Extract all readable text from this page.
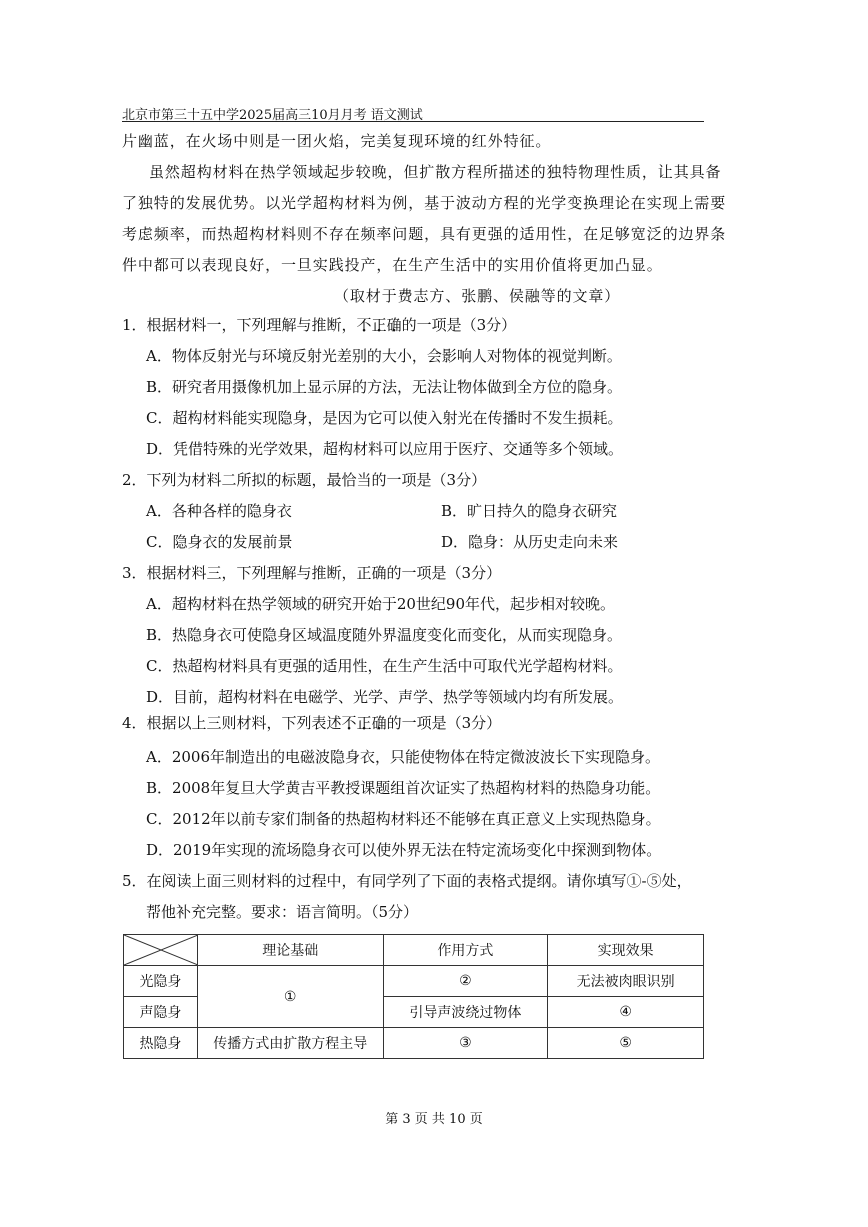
北京市第三十五中学2025届高三10月月考 语文测试
片幽蓝，在火场中则是一团火焰，完美复现环境的红外特征。
虽然超构材料在热学领域起步较晚，但扩散方程所描述的独特物理性质，让其具备
了独特的发展优势。以光学超构材料为例，基于波动方程的光学变换理论在实现上需要
考虑频率，而热超构材料则不存在频率问题，具有更强的适用性，在足够宽泛的边界条
件中都可以表现良好，一旦实践投产，在生产生活中的实用价值将更加凸显。
（取材于费志方、张鹏、侯融等的文章）
1．根据材料一，下列理解与推断，不正确的一项是（3分）
A．物体反射光与环境反射光差别的大小，会影响人对物体的视觉判断。
B．研究者用摄像机加上显示屏的方法，无法让物体做到全方位的隐身。
C．超构材料能实现隐身，是因为它可以使入射光在传播时不发生损耗。
D．凭借特殊的光学效果，超构材料可以应用于医疗、交通等多个领域。
2．下列为材料二所拟的标题，最恰当的一项是（3分）
A．各种各样的隐身衣	B．旷日持久的隐身衣研究
C．隐身衣的发展前景	D．隐身：从历史走向未来
3．根据材料三，下列理解与推断，正确的一项是（3分）
A．超构材料在热学领域的研究开始于20世纪90年代，起步相对较晚。
B．热隐身衣可使隐身区域温度随外界温度变化而变化，从而实现隐身。
C．热超构材料具有更强的适用性，在生产生活中可取代光学超构材料。
D．目前，超构材料在电磁学、光学、声学、热学等领域内均有所发展。
4．根据以上三则材料，下列表述不正确的一项是（3分）
A．2006年制造出的电磁波隐身衣，只能使物体在特定微波波长下实现隐身。
B．2008年复旦大学黄吉平教授课题组首次证实了热超构材料的热隐身功能。
C．2012年以前专家们制备的热超构材料还不能够在真正意义上实现热隐身。
D．2019年实现的流场隐身衣可以使外界无法在特定流场变化中探测到物体。
5．在阅读上面三则材料的过程中，有同学列了下面的表格式提纲。请你填写①-⑤处，
帮他补充完整。要求：语言简明。（5分）
	理论基础	作用方式	实现效果
光隐身	①	②	无法被肉眼识别
声隐身		引导声波绕过物体	④
热隐身	传播方式由扩散方程主导	③	⑤
第 3 页 共 10 页
